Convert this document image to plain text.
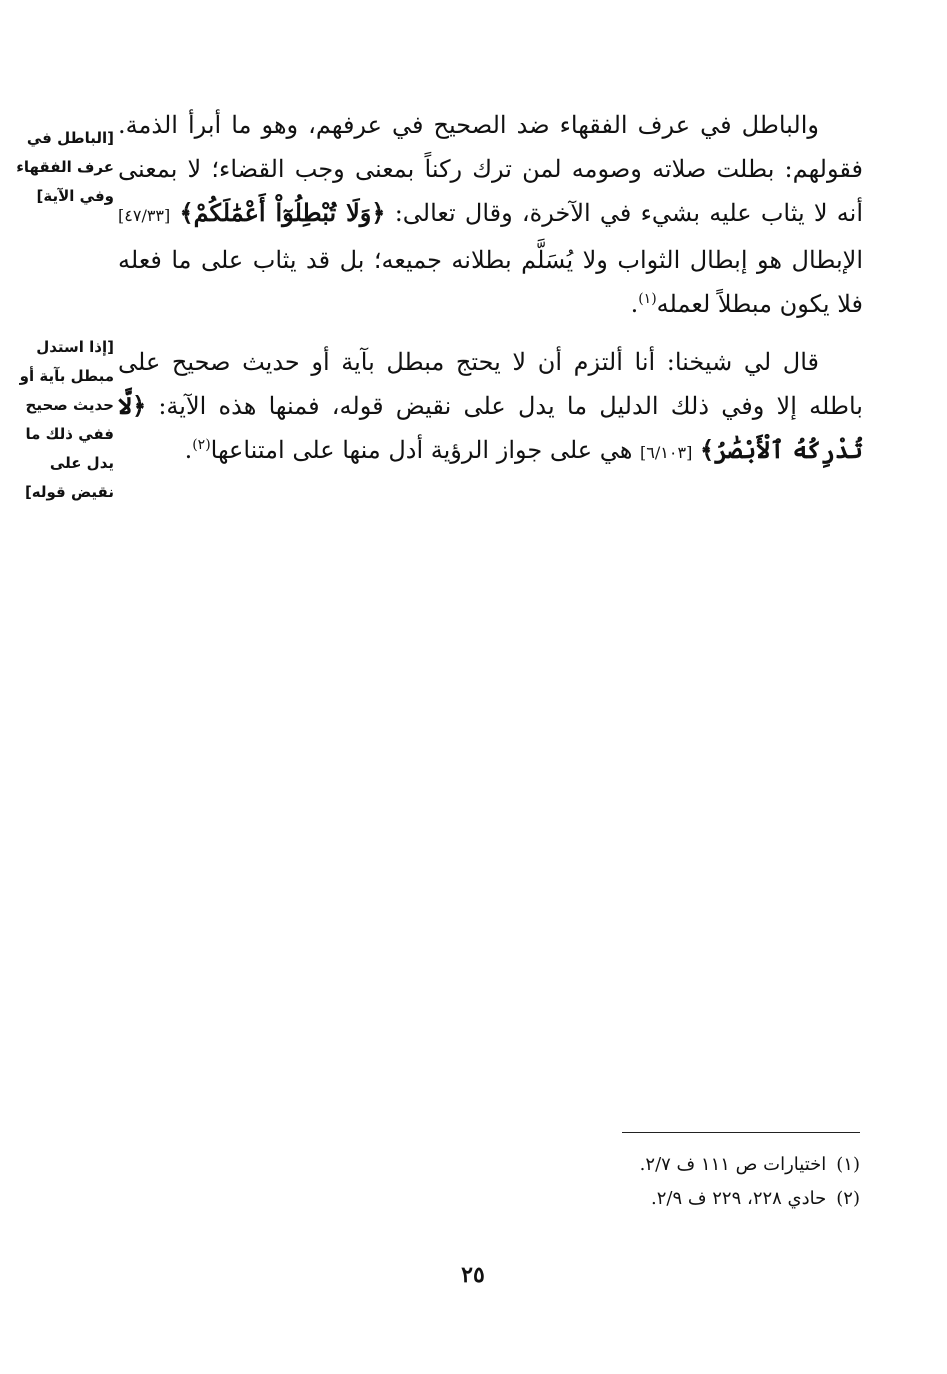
[الباطل في عرف الفقهاء وفي الآية]
[إذا استدل مبطل بآية أو حديث صحيح ففي ذلك ما يدل على نقيض قوله]

والباطل في عرف الفقهاء ضد الصحيح في عرفهم، وهو ما أبرأ الذمة. فقولهم: بطلت صلاته وصومه لمن ترك ركناً بمعنى وجب القضاء؛ لا بمعنى أنه لا يثاب عليه بشيء في الآخرة، وقال تعالى: ﴿وَلَا تُبْطِلُوٓاْ أَعْمَٰلَكُمْ﴾ [٤٧/٣٣] الإبطال هو إبطال الثواب ولا يُسَلَّم بطلانه جميعه؛ بل قد يثاب على ما فعله فلا يكون مبطلاً لعمله$^{(١)}$.

قال لي شيخنا: أنا ألتزم أن لا يحتج مبطل بآية أو حديث صحيح على باطله إلا وفي ذلك الدليل ما يدل على نقيض قوله، فمنها هذه الآية: ﴿لَّا تُدْرِكُهُ ٱلْأَبْصَٰرُ﴾ [٦/١٠٣] هي على جواز الرؤية أدل منها على امتناعها$^{(٢)}$.

(١)اختيارات ص ١١١ ف ٢/٧.

(٢)حادي ٢٢٨، ٢٢٩ ف ٢/٩.

٢٥
